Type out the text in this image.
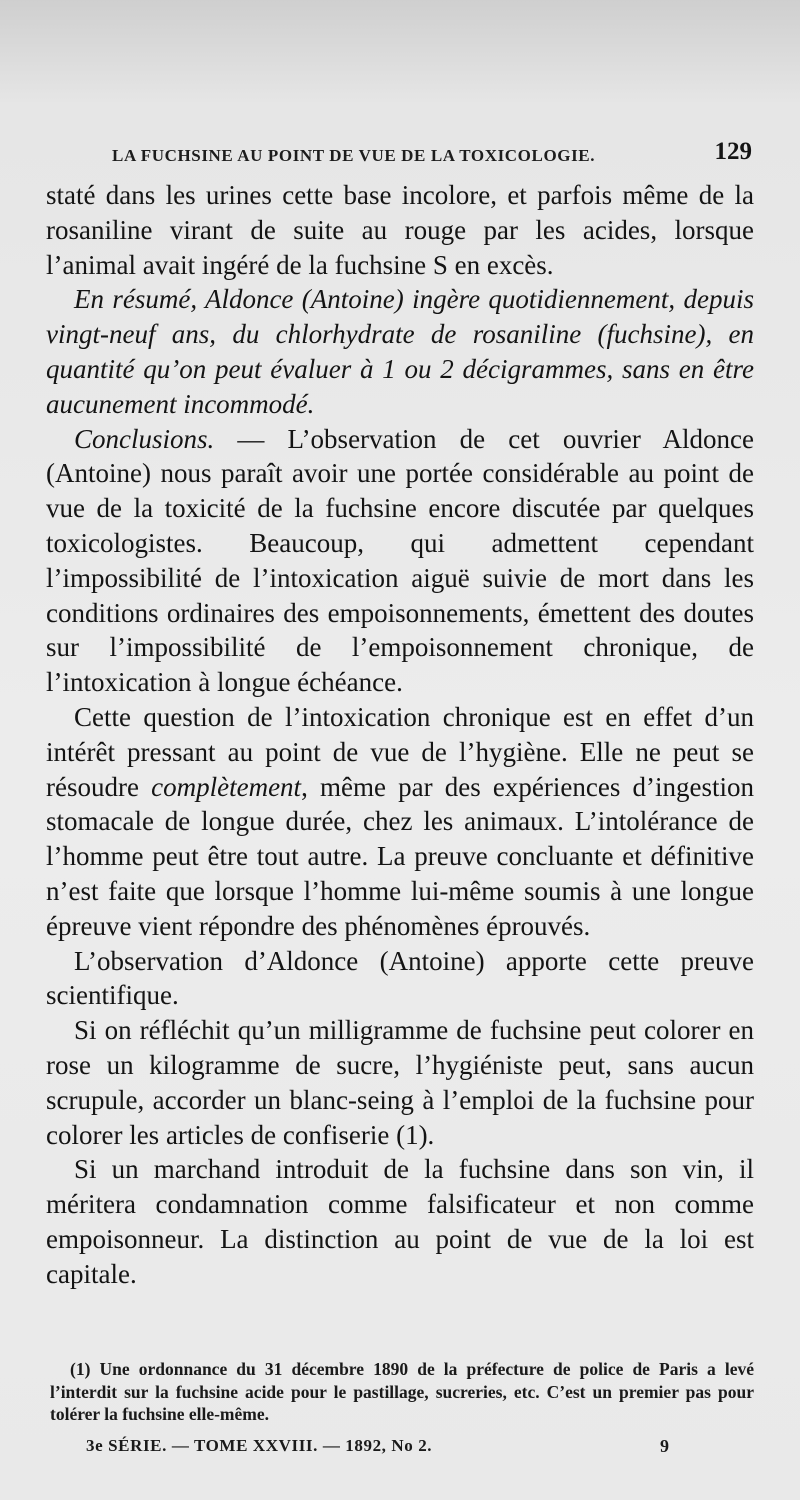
LA FUCHSINE AU POINT DE VUE DE LA TOXICOLOGIE.	129

staté dans les urines cette base incolore, et parfois même de la rosaniline virant de suite au rouge par les acides, lorsque l’animal avait ingéré de la fuchsine S en excès.

En résumé, Aldonce (Antoine) ingère quotidiennement, depuis vingt-neuf ans, du chlorhydrate de rosaniline (fuchsine), en quantité qu’on peut évaluer à 1 ou 2 décigrammes, sans en être aucunement incommodé.

Conclusions. — L’observation de cet ouvrier Aldonce (Antoine) nous paraît avoir une portée considérable au point de vue de la toxicité de la fuchsine encore discutée par quelques toxicologistes. Beaucoup, qui admettent cependant l’impossibilité de l’intoxication aiguë suivie de mort dans les conditions ordinaires des empoisonnements, émettent des doutes sur l’impossibilité de l’empoisonnement chronique, de l’intoxication à longue échéance.

Cette question de l’intoxication chronique est en effet d’un intérêt pressant au point de vue de l’hygiène. Elle ne peut se résoudre complètement, même par des expériences d’ingestion stomacale de longue durée, chez les animaux. L’intolérance de l’homme peut être tout autre. La preuve concluante et définitive n’est faite que lorsque l’homme lui-même soumis à une longue épreuve vient répondre des phénomènes éprouvés.

L’observation d’Aldonce (Antoine) apporte cette preuve scientifique.

Si on réfléchit qu’un milligramme de fuchsine peut colorer en rose un kilogramme de sucre, l’hygiéniste peut, sans aucun scrupule, accorder un blanc-seing à l’emploi de la fuchsine pour colorer les articles de confiserie (1).

Si un marchand introduit de la fuchsine dans son vin, il méritera condamnation comme falsificateur et non comme empoisonneur. La distinction au point de vue de la loi est capitale.

(1) Une ordonnance du 31 décembre 1890 de la préfecture de police de Paris a levé l’interdit sur la fuchsine acide pour le pastillage, sucreries, etc. C’est un premier pas pour tolérer la fuchsine elle-même.
3e SÉRIE. — TOME XXVIII. — 1892, No 2.	9
